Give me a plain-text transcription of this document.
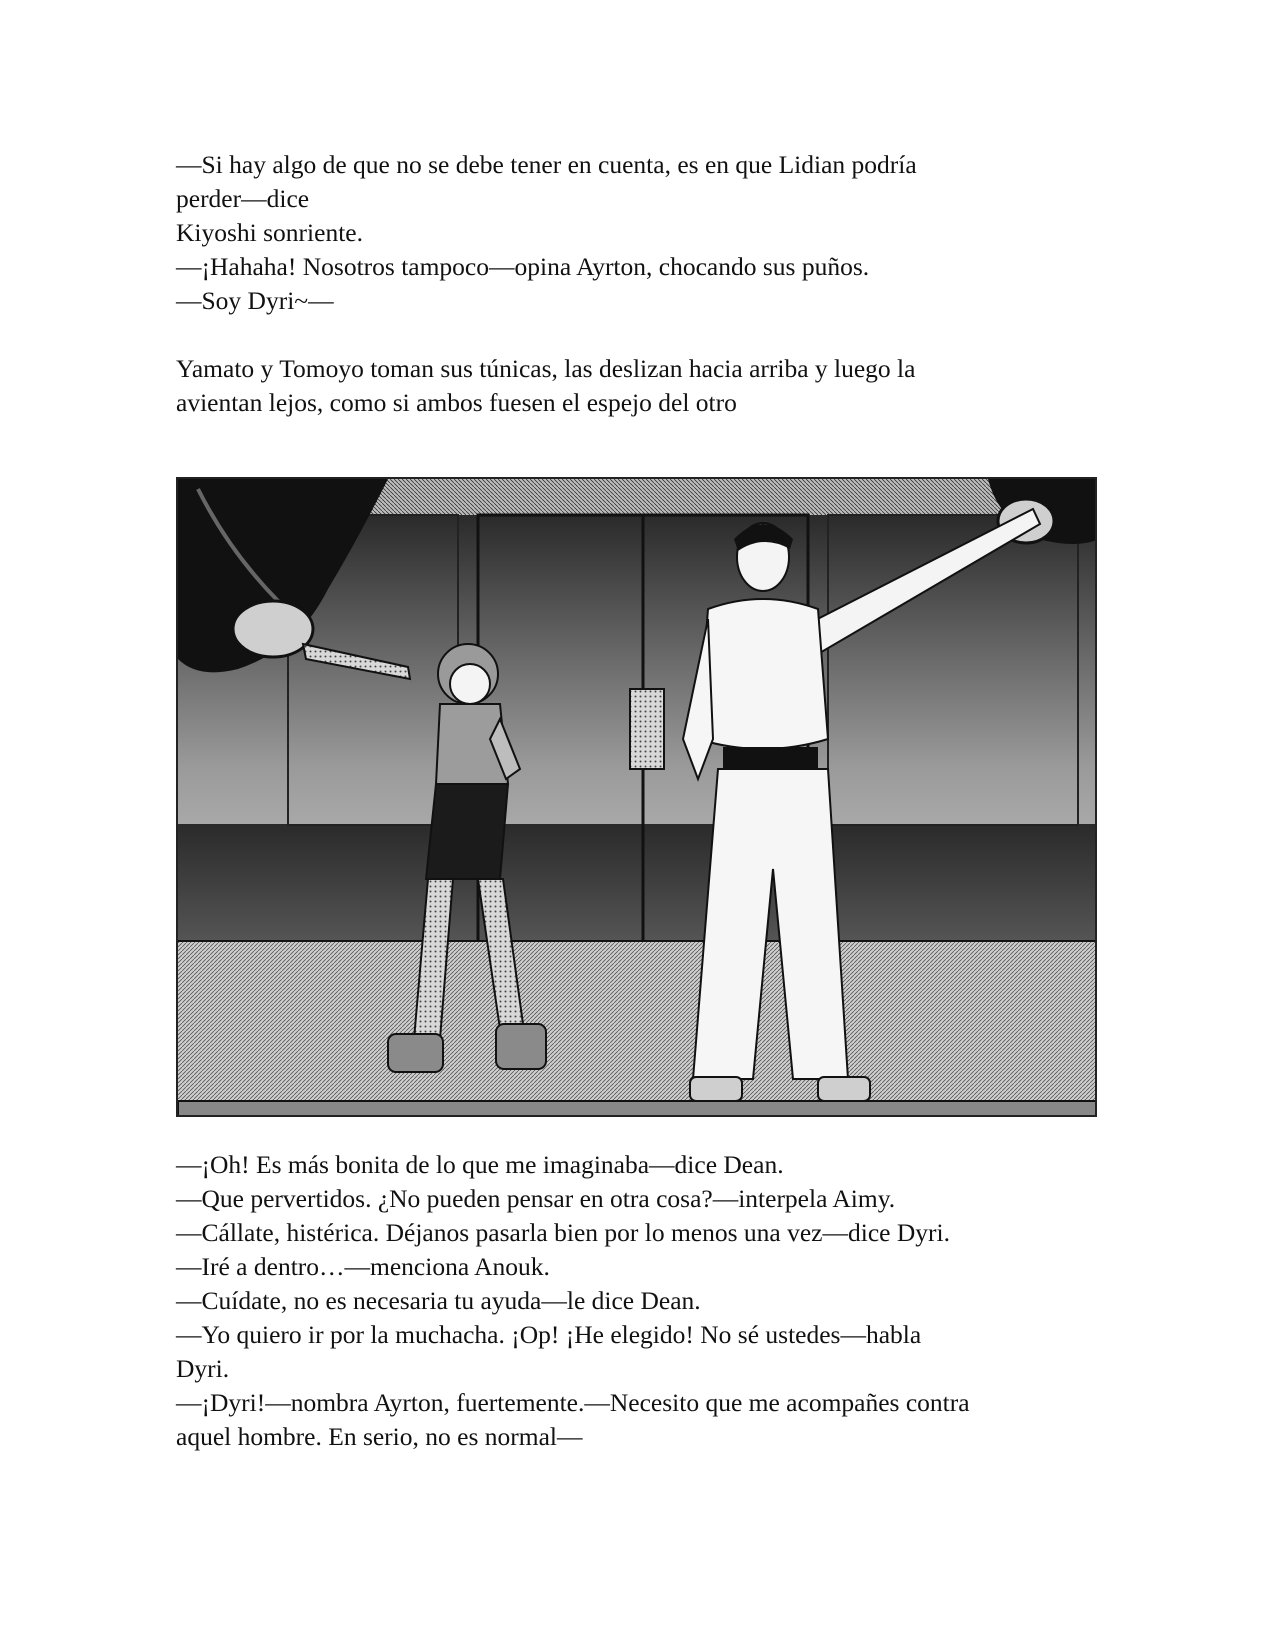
—Si hay algo de que no se debe tener en cuenta, es en que Lidian podría
perder—dice
Kiyoshi sonriente.
—¡Hahaha! Nosotros tampoco—opina Ayrton, chocando sus puños.
—Soy Dyri~—
Yamato y Tomoyo toman sus túnicas, las deslizan hacia arriba y luego la
avientan lejos, como si ambos fuesen el espejo del otro
—¡Oh! Es más bonita de lo que me imaginaba—dice Dean.
—Que pervertidos. ¿No pueden pensar en otra cosa?—interpela Aimy.
—Cállate, histérica. Déjanos pasarla bien por lo menos una vez—dice Dyri.
—Iré a dentro…—menciona Anouk.
—Cuídate, no es necesaria tu ayuda—le dice Dean.
—Yo quiero ir por la muchacha. ¡Op! ¡He elegido! No sé ustedes—habla
Dyri.
—¡Dyri!—nombra Ayrton, fuertemente.—Necesito que me acompañes contra
aquel hombre. En serio, no es normal—
